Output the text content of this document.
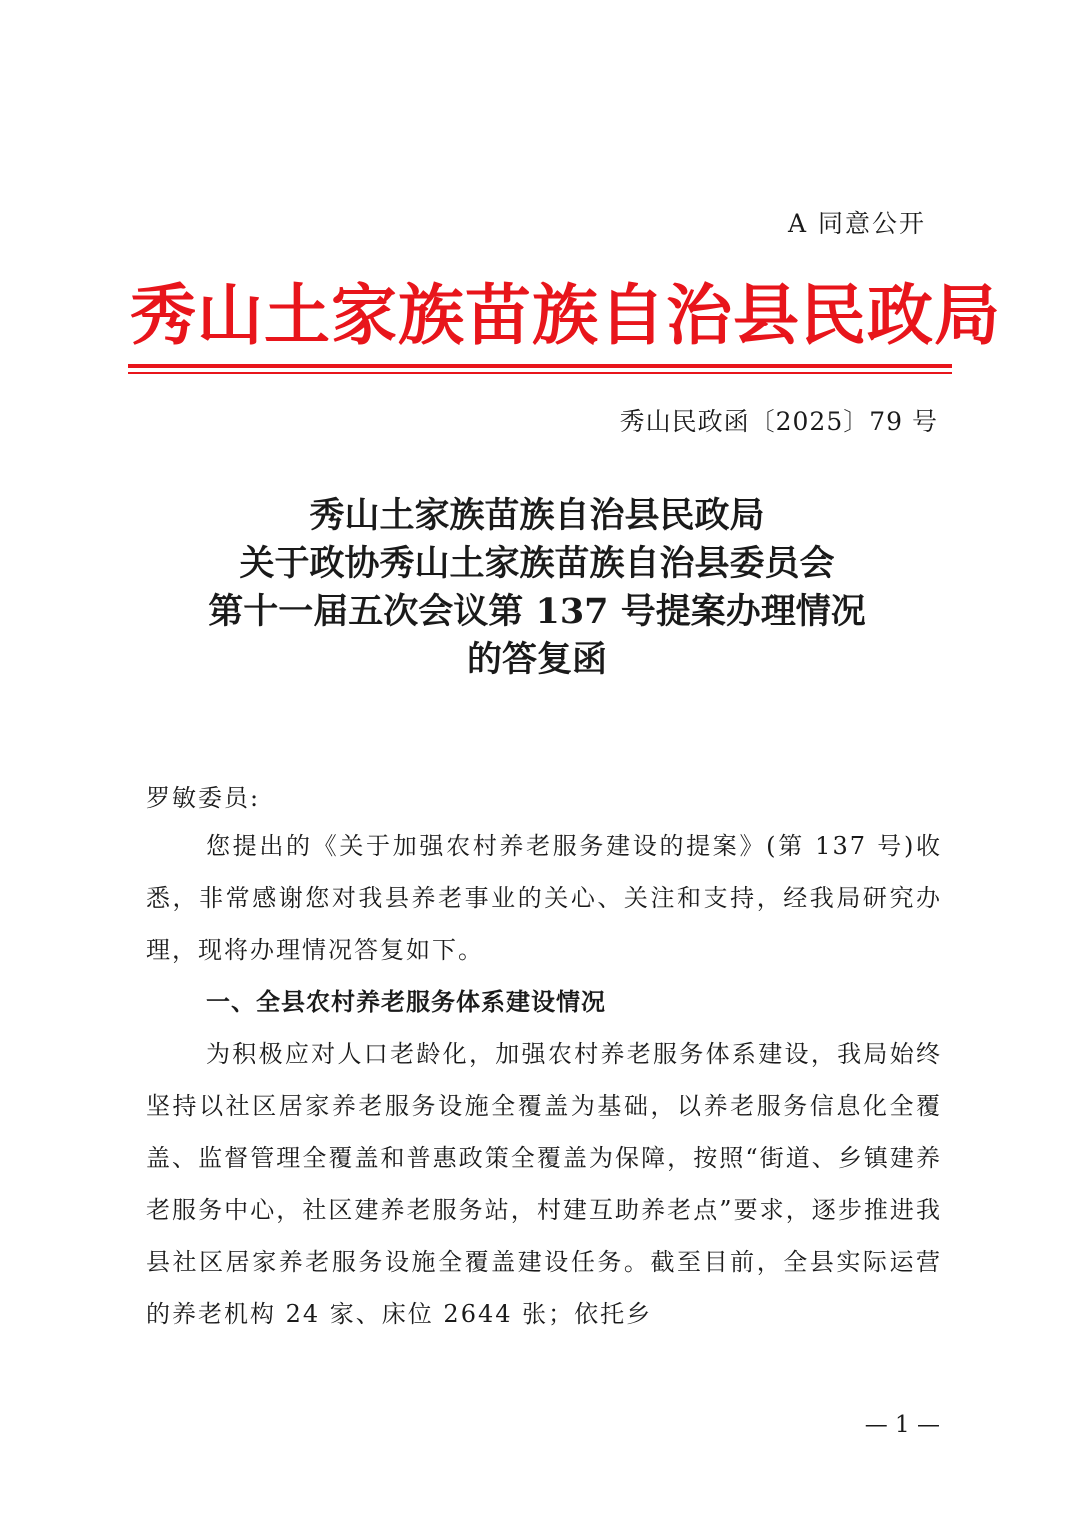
A 同意公开
秀山土家族苗族自治县民政局
秀山民政函〔2025〕79 号
秀山土家族苗族自治县民政局
关于政协秀山土家族苗族自治县委员会
第十一届五次会议第 137 号提案办理情况
的答复函
罗敏委员:

您提出的《关于加强农村养老服务建设的提案》(第 137 号)收悉，非常感谢您对我县养老事业的关心、关注和支持，经我局研究办理，现将办理情况答复如下。

一、全县农村养老服务体系建设情况

为积极应对人口老龄化，加强农村养老服务体系建设，我局始终坚持以社区居家养老服务设施全覆盖为基础，以养老服务信息化全覆盖、监督管理全覆盖和普惠政策全覆盖为保障，按照“街道、乡镇建养老服务中心，社区建养老服务站，村建互助养老点”要求，逐步推进我县社区居家养老服务设施全覆盖建设任务。截至目前，全县实际运营的养老机构 24 家、床位 2644 张；依托乡

— 1 —
